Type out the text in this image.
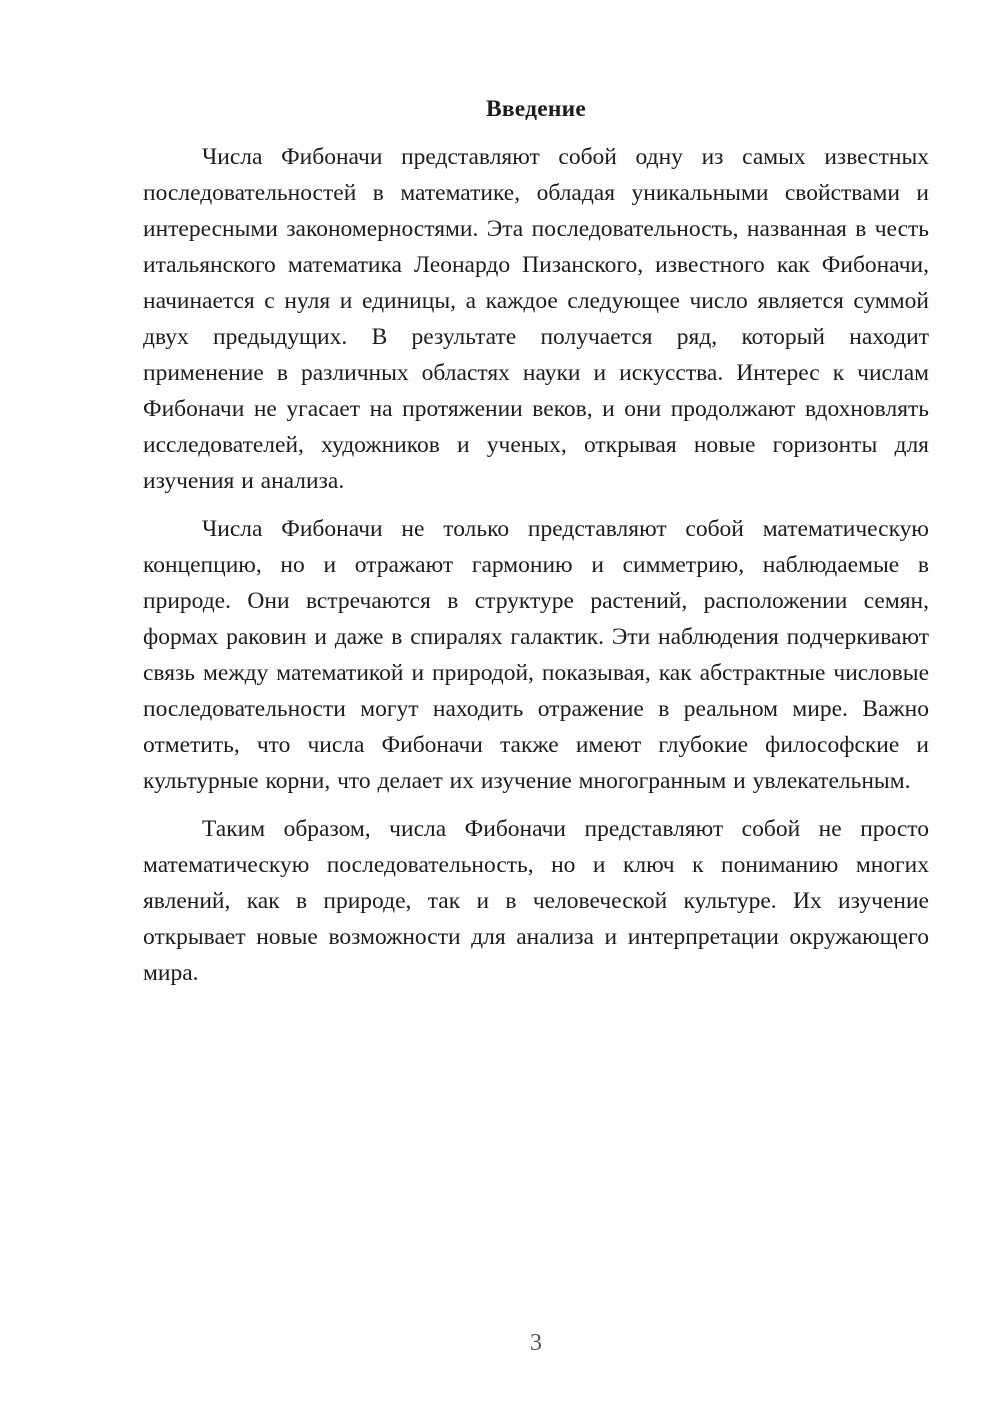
Введение

Числа Фибоначи представляют собой одну из самых известных последовательностей в математике, обладая уникальными свойствами и интересными закономерностями. Эта последовательность, названная в честь итальянского математика Леонардо Пизанского, известного как Фибоначи, начинается с нуля и единицы, а каждое следующее число является суммой двух предыдущих. В результате получается ряд, который находит применение в различных областях науки и искусства. Интерес к числам Фибоначи не угасает на протяжении веков, и они продолжают вдохновлять исследователей, художников и ученых, открывая новые горизонты для изучения и анализа.

Числа Фибоначи не только представляют собой математическую концепцию, но и отражают гармонию и симметрию, наблюдаемые в природе. Они встречаются в структуре растений, расположении семян, формах раковин и даже в спиралях галактик. Эти наблюдения подчеркивают связь между математикой и природой, показывая, как абстрактные числовые последовательности могут находить отражение в реальном мире. Важно отметить, что числа Фибоначи также имеют глубокие философские и культурные корни, что делает их изучение многогранным и увлекательным.

Таким образом, числа Фибоначи представляют собой не просто математическую последовательность, но и ключ к пониманию многих явлений, как в природе, так и в человеческой культуре. Их изучение открывает новые возможности для анализа и интерпретации окружающего мира.

3
